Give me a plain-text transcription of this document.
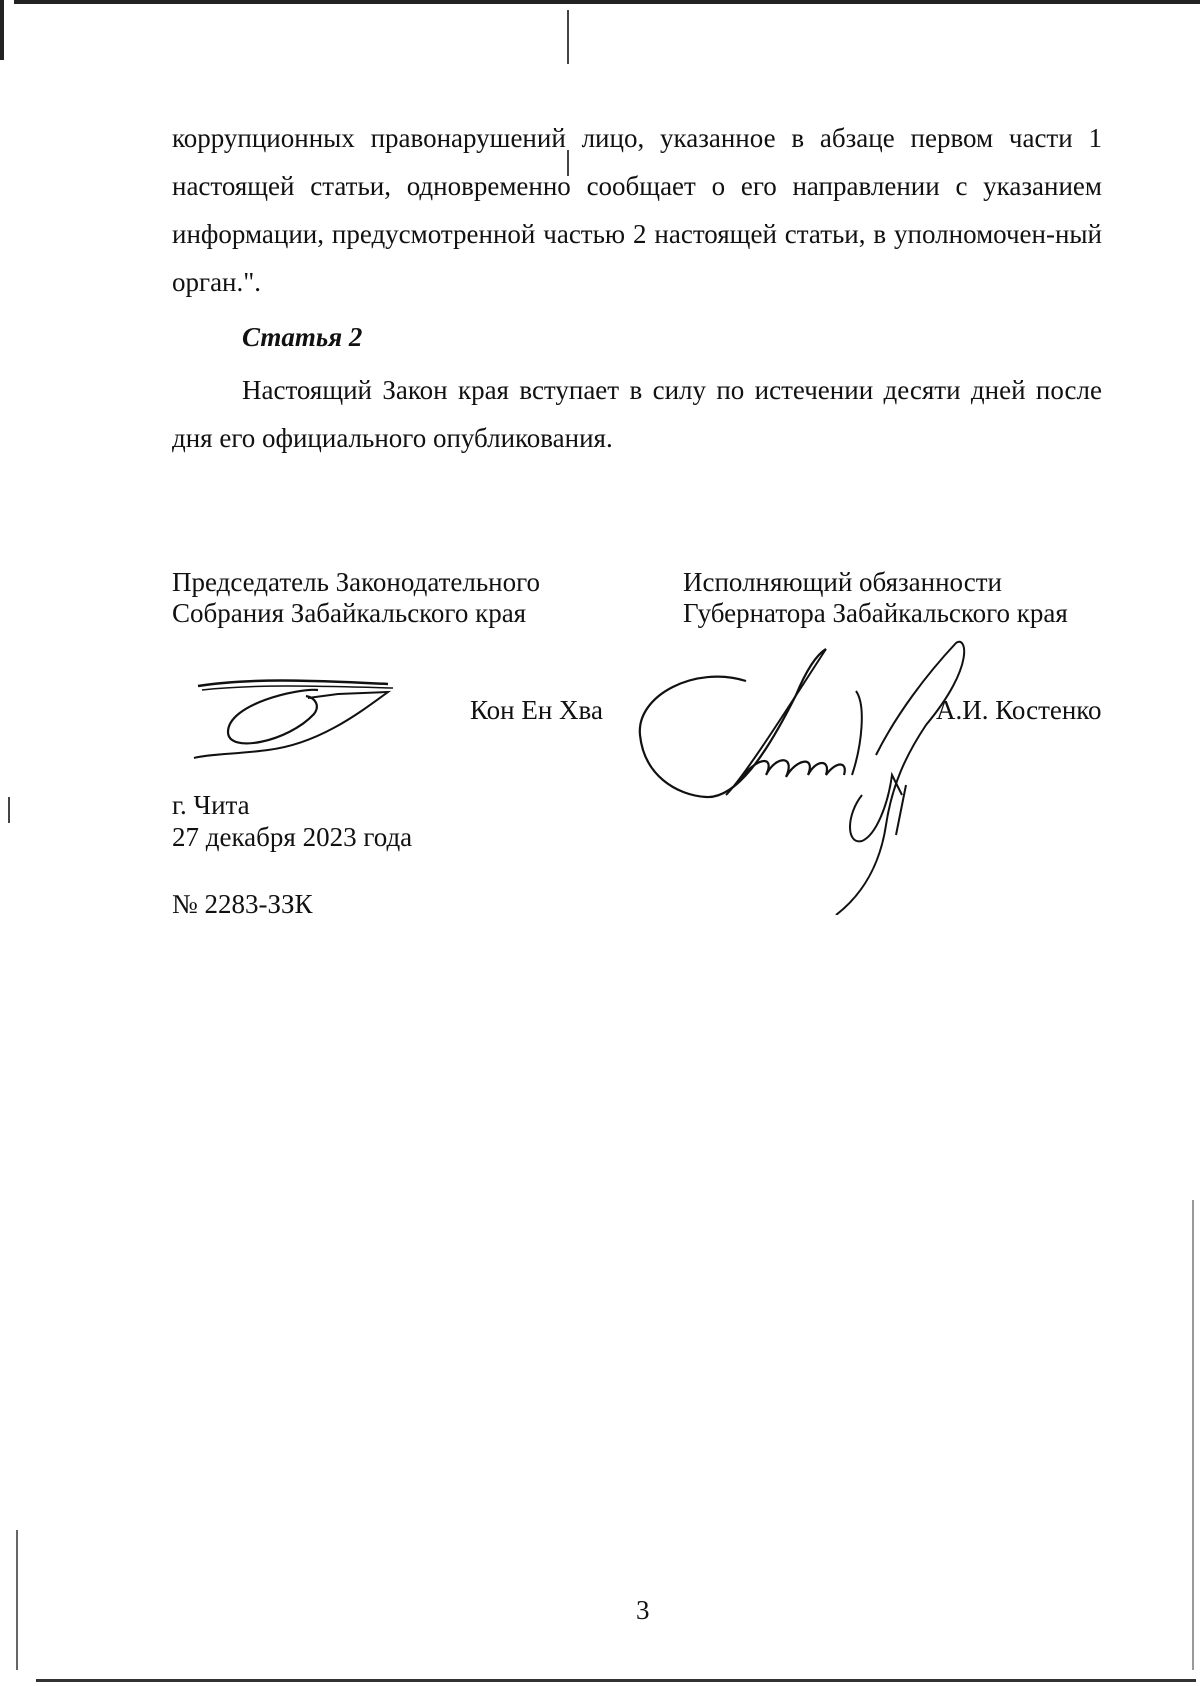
коррупционных правонарушений лицо, указанное в абзаце первом части 1 настоящей статьи, одновременно сообщает о его направлении с указанием информации, предусмотренной частью 2 настоящей статьи, в уполномочен-ный орган.".

Статья 2

Настоящий Закон края вступает в силу по истечении десяти дней после дня его официального опубликования.

Председатель Законодательного
Собрания Забайкальского края
Исполняющий обязанности
Губернатора Забайкальского края
Кон Ен Хва	А.И. Костенко
г. Чита
27 декабря 2023 года
№ 2283-ЗЗК
3
